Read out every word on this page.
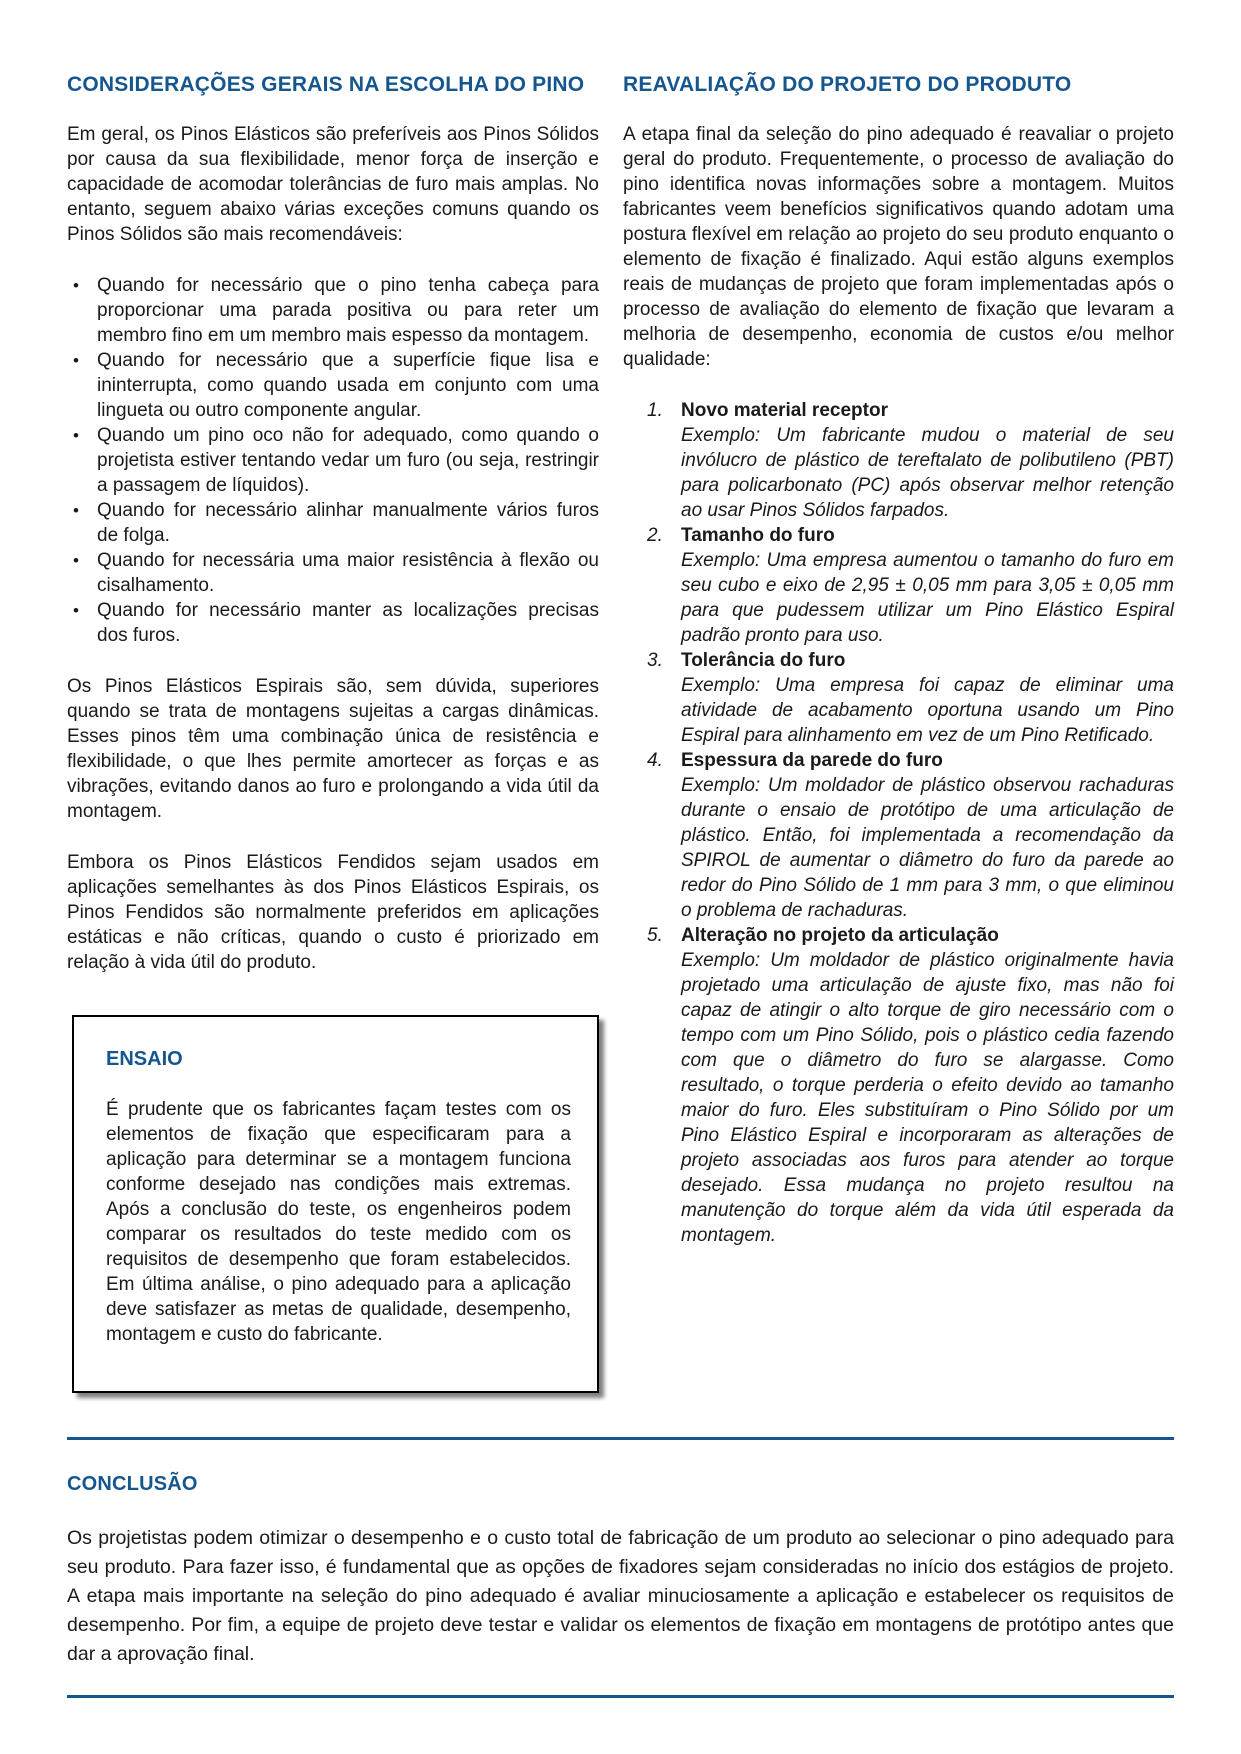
CONSIDERAÇÕES GERAIS NA ESCOLHA DO PINO

Em geral, os Pinos Elásticos são preferíveis aos Pinos Sólidos por causa da sua flexibilidade, menor força de inserção e capacidade de acomodar tolerâncias de furo mais amplas. No entanto, seguem abaixo várias exceções comuns quando os Pinos Sólidos são mais recomendáveis:

• Quando for necessário que o pino tenha cabeça para proporcionar uma parada positiva ou para reter um membro fino em um membro mais espesso da montagem.
• Quando for necessário que a superfície fique lisa e ininterrupta, como quando usada em conjunto com uma lingueta ou outro componente angular.
• Quando um pino oco não for adequado, como quando o projetista estiver tentando vedar um furo (ou seja, restringir a passagem de líquidos).
• Quando for necessário alinhar manualmente vários furos de folga.
• Quando for necessária uma maior resistência à flexão ou cisalhamento.
• Quando for necessário manter as localizações precisas dos furos.

Os Pinos Elásticos Espirais são, sem dúvida, superiores quando se trata de montagens sujeitas a cargas dinâmicas. Esses pinos têm uma combinação única de resistência e flexibilidade, o que lhes permite amortecer as forças e as vibrações, evitando danos ao furo e prolongando a vida útil da montagem.

Embora os Pinos Elásticos Fendidos sejam usados em aplicações semelhantes às dos Pinos Elásticos Espirais, os Pinos Fendidos são normalmente preferidos em aplicações estáticas e não críticas, quando o custo é priorizado em relação à vida útil do produto.

ENSAIO

É prudente que os fabricantes façam testes com os elementos de fixação que especificaram para a aplicação para determinar se a montagem funciona conforme desejado nas condições mais extremas. Após a conclusão do teste, os engenheiros podem comparar os resultados do teste medido com os requisitos de desempenho que foram estabelecidos. Em última análise, o pino adequado para a aplicação deve satisfazer as metas de qualidade, desempenho, montagem e custo do fabricante.

REAVALIAÇÃO DO PROJETO DO PRODUTO

A etapa final da seleção do pino adequado é reavaliar o projeto geral do produto. Frequentemente, o processo de avaliação do pino identifica novas informações sobre a montagem. Muitos fabricantes veem benefícios significativos quando adotam uma postura flexível em relação ao projeto do seu produto enquanto o elemento de fixação é finalizado. Aqui estão alguns exemplos reais de mudanças de projeto que foram implementadas após o processo de avaliação do elemento de fixação que levaram a melhoria de desempenho, economia de custos e/ou melhor qualidade:

1. Novo material receptor

Exemplo: Um fabricante mudou o material de seu invólucro de plástico de tereftalato de polibutileno (PBT) para policarbonato (PC) após observar melhor retenção ao usar Pinos Sólidos farpados.

2. Tamanho do furo

Exemplo: Uma empresa aumentou o tamanho do furo em seu cubo e eixo de 2,95 ± 0,05 mm para 3,05 ± 0,05 mm para que pudessem utilizar um Pino Elástico Espiral padrão pronto para uso.

3. Tolerância do furo

Exemplo: Uma empresa foi capaz de eliminar uma atividade de acabamento oportuna usando um Pino Espiral para alinhamento em vez de um Pino Retificado.

4. Espessura da parede do furo

Exemplo: Um moldador de plástico observou rachaduras durante o ensaio de protótipo de uma articulação de plástico. Então, foi implementada a recomendação da SPIROL de aumentar o diâmetro do furo da parede ao redor do Pino Sólido de 1 mm para 3 mm, o que eliminou o problema de rachaduras.

5. Alteração no projeto da articulação

Exemplo: Um moldador de plástico originalmente havia projetado uma articulação de ajuste fixo, mas não foi capaz de atingir o alto torque de giro necessário com o tempo com um Pino Sólido, pois o plástico cedia fazendo com que o diâmetro do furo se alargasse. Como resultado, o torque perderia o efeito devido ao tamanho maior do furo. Eles substituíram o Pino Sólido por um Pino Elástico Espiral e incorporaram as alterações de projeto associadas aos furos para atender ao torque desejado. Essa mudança no projeto resultou na manutenção do torque além da vida útil esperada da montagem.

CONCLUSÃO

Os projetistas podem otimizar o desempenho e o custo total de fabricação de um produto ao selecionar o pino adequado para seu produto. Para fazer isso, é fundamental que as opções de fixadores sejam consideradas no início dos estágios de projeto. A etapa mais importante na seleção do pino adequado é avaliar minuciosamente a aplicação e estabelecer os requisitos de desempenho. Por fim, a equipe de projeto deve testar e validar os elementos de fixação em montagens de protótipo antes que dar a aprovação final.
